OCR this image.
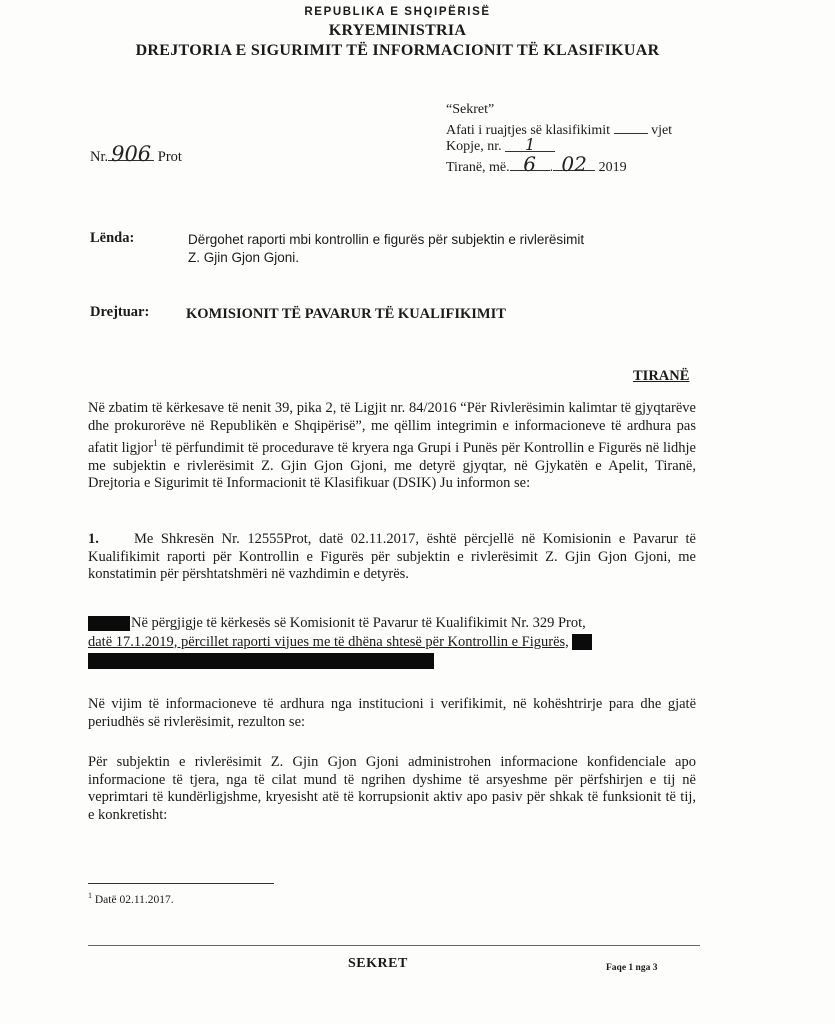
REPUBLIKA E SHQIPËRISË
KRYEMINISTRIA
DREJTORIA E SIGURIMIT TË INFORMACIONIT TË KLASIFIKUAR
“Sekret”
Afati i ruajtjes së klasifikimit	vjet
Kopje, nr. 1
Tiranë, më. 6 . 02 2019
Nr. 906 Prot
Lënda:	Dërgohet raporti mbi kontrollin e figurës për subjektin e rivlerësimit
Z. Gjin Gjon Gjoni.
Drejtuar:	KOMISIONIT TË PAVARUR TË KUALIFIKIMIT
TIRANË

Në zbatim të kërkesave të nenit 39, pika 2, të Ligjit nr. 84/2016 “Për Rivlerësimin kalimtar të gjyqtarëve dhe prokurorëve në Republikën e Shqipërisë”, me qëllim integrimin e informacioneve të ardhura pas afatit ligjor$^1$ të përfundimit të procedurave të kryera nga Grupi i Punës për Kontrollin e Figurës në lidhje me subjektin e rivlerësimit Z. Gjin Gjon Gjoni, me detyrë gjyqtar, në Gjykatën e Apelit, Tiranë, Drejtoria e Sigurimit të Informacionit të Klasifikuar (DSIK) Ju informon se:

1. Me Shkresën Nr. 12555Prot, datë 02.11.2017, është përcjellë në Komisionin e Pavarur të Kualifikimit raporti për Kontrollin e Figurës për subjektin e rivlerësimit Z. Gjin Gjon Gjoni, me konstatimin për përshtatshmëri në vazhdimin e detyrës.

Në përgjigje të kërkesës së Komisionit të Pavarur të Kualifikimit Nr. 329 Prot,
datë 17.1.2019, përcillet raporti vijues me të dhëna shtesë për Kontrollin e Figurës,

Në vijim të informacioneve të ardhura nga institucioni i verifikimit, në kohështrirje para dhe gjatë periudhës së rivlerësimit, rezulton se:

Për subjektin e rivlerësimit Z. Gjin Gjon Gjoni administrohen informacione konfidenciale apo informacione të tjera, nga të cilat mund të ngrihen dyshime të arsyeshme për përfshirjen e tij në veprimtari të kundërligjshme, kryesisht atë të korrupsionit aktiv apo pasiv për shkak të funksionit të tij, e konkretisht:

$^1$ Datë 02.11.2017.
SEKRET	Faqe 1 nga 3
